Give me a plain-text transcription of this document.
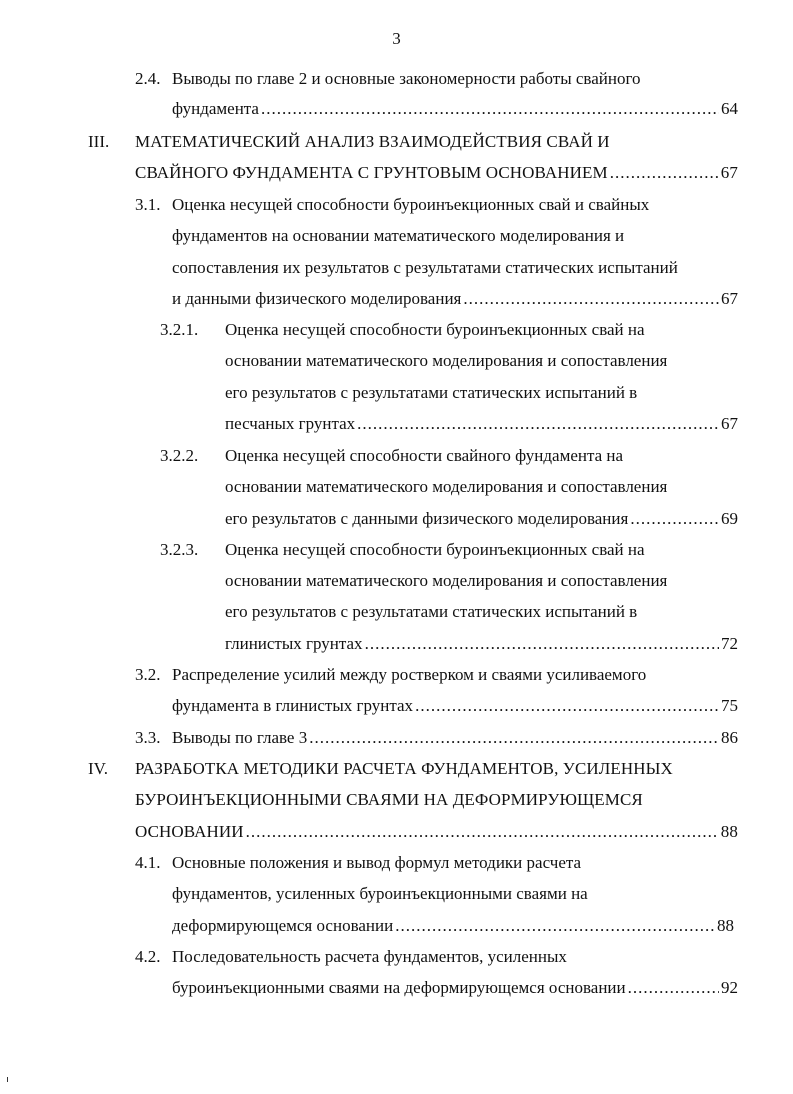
3
2.4. Выводы по главе 2 и основные закономерности работы свайного
фундамента .....	64
III. МАТЕМАТИЧЕСКИЙ АНАЛИЗ ВЗАИМОДЕЙСТВИЯ СВАЙ И
СВАЙНОГО ФУНДАМЕНТА С ГРУНТОВЫМ ОСНОВАНИЕМ .....	67
3.1. Оценка несущей способности буроинъекционных свай и свайных
фундаментов на основании математического моделирования и
сопоставления их результатов с результатами статических испытаний
и данными физического моделирования .....	67
3.2.1. Оценка несущей способности буроинъекционных свай на
основании математического моделирования и сопоставления
его результатов с результатами статических испытаний в
песчаных грунтах .....	67
3.2.2. Оценка несущей способности свайного фундамента на
основании математического моделирования и сопоставления
его результатов с данными физического моделирования .....	69
3.2.3. Оценка несущей способности буроинъекционных свай на
основании математического моделирования и сопоставления
его результатов с результатами статических испытаний в
глинистых грунтах .....	72
3.2. Распределение усилий между ростверком и сваями усиливаемого
фундамента в глинистых грунтах .....	75
3.3. Выводы по главе 3 .....	86
IV. РАЗРАБОТКА МЕТОДИКИ РАСЧЕТА ФУНДАМЕНТОВ, УСИЛЕННЫХ
БУРОИНЪЕКЦИОННЫМИ СВАЯМИ НА ДЕФОРМИРУЮЩЕМСЯ
ОСНОВАНИИ .....	88
4.1. Основные положения и вывод формул методики расчета
фундаментов, усиленных буроинъекционными сваями на
деформирующемся основании .....	88
4.2. Последовательность расчета фундаментов, усиленных
буроинъекционными сваями на деформирующемся основании .....	92
